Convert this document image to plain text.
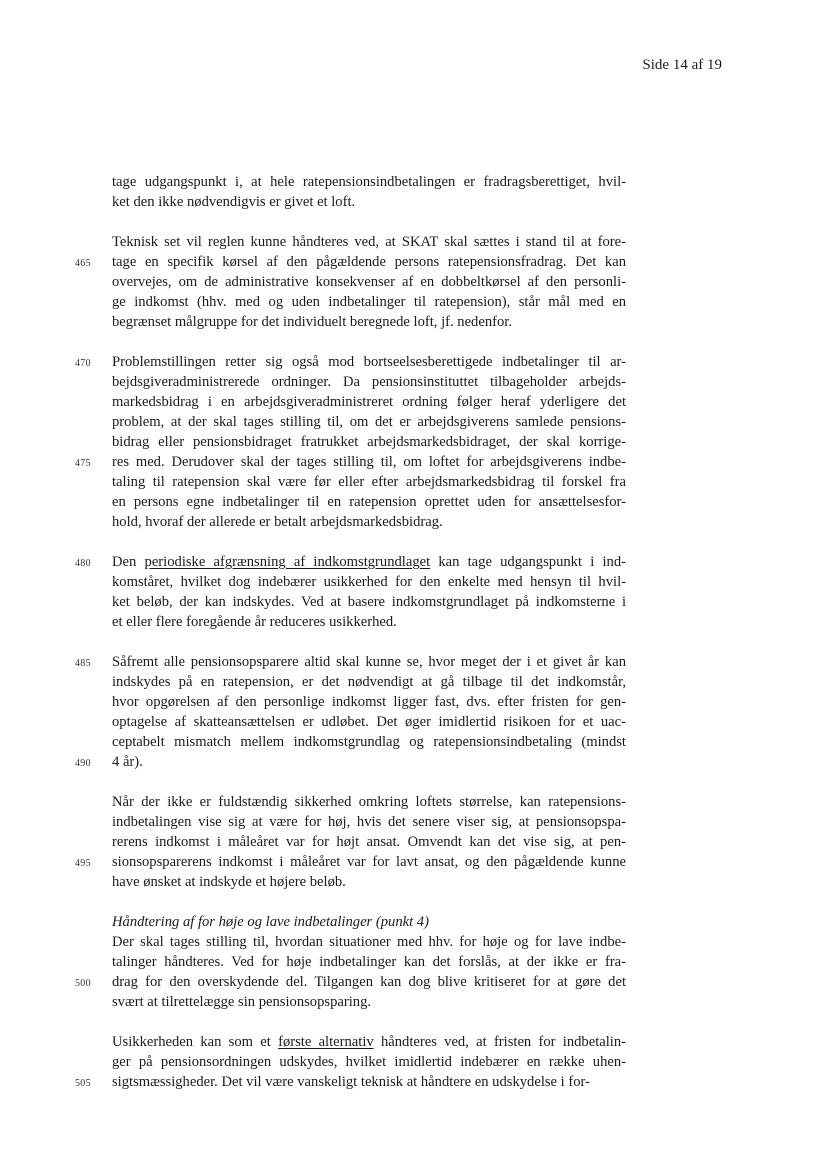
Side 14 af 19
tage udgangspunkt i, at hele ratepensionsindbetalingen er fradragsberettiget, hvil-
ket den ikke nødvendigvis er givet et loft.
Teknisk set vil reglen kunne håndteres ved, at SKAT skal sættes i stand til at fore-
465 tage en specifik kørsel af den pågældende persons ratepensionsfradrag. Det kan
overvejes, om de administrative konsekvenser af en dobbeltkørsel af den personli-
ge indkomst (hhv. med og uden indbetalinger til ratepension), står mål med en
begrænset målgruppe for det individuelt beregnede loft, jf. nedenfor.
470 Problemstillingen retter sig også mod bortseelsesberettigede indbetalinger til ar-
bejdsgiveradministrerede ordninger. Da pensionsinstituttet tilbageholder arbejds-
markedsbidrag i en arbejdsgiveradministreret ordning følger heraf yderligere det
problem, at der skal tages stilling til, om det er arbejdsgiverens samlede pensions-
bidrag eller pensionsbidraget fratrukket arbejdsmarkedsbidraget, der skal korrige-
475 res med. Derudover skal der tages stilling til, om loftet for arbejdsgiverens indbe-
taling til ratepension skal være før eller efter arbejdsmarkedsbidrag til forskel fra
en persons egne indbetalinger til en ratepension oprettet uden for ansættelsesfor-
hold, hvoraf der allerede er betalt arbejdsmarkedsbidrag.
480 Den periodiske afgrænsning af indkomstgrundlaget kan tage udgangspunkt i ind-
komståret, hvilket dog indebærer usikkerhed for den enkelte med hensyn til hvil-
ket beløb, der kan indskydes. Ved at basere indkomstgrundlaget på indkomsterne i
et eller flere foregående år reduceres usikkerhed.
485 Såfremt alle pensionsopsparere altid skal kunne se, hvor meget der i et givet år kan
indskydes på en ratepension, er det nødvendigt at gå tilbage til det indkomstår,
hvor opgørelsen af den personlige indkomst ligger fast, dvs. efter fristen for gen-
optagelse af skatteansættelsen er udløbet. Det øger imidlertid risikoen for et uac-
ceptabelt mismatch mellem indkomstgrundlag og ratepensionsindbetaling (mindst
490 4 år).
Når der ikke er fuldstændig sikkerhed omkring loftets størrelse, kan ratepensions-
indbetalingen vise sig at være for høj, hvis det senere viser sig, at pensionsopspa-
rerens indkomst i måleåret var for højt ansat. Omvendt kan det vise sig, at pen-
495 sionsopsparerens indkomst i måleåret var for lavt ansat, og den pågældende kunne
have ønsket at indskyde et højere beløb.
Håndtering af for høje og lave indbetalinger (punkt 4)
Der skal tages stilling til, hvordan situationer med hhv. for høje og for lave indbe-
talinger håndteres. Ved for høje indbetalinger kan det forslås, at der ikke er fra-
500 drag for den overskydende del. Tilgangen kan dog blive kritiseret for at gøre det
svært at tilrettelægge sin pensionsopsparing.
Usikkerheden kan som et første alternativ håndteres ved, at fristen for indbetalin-
ger på pensionsordningen udskydes, hvilket imidlertid indebærer en række uhen-
505 sigtsmæssigheder. Det vil være vanskeligt teknisk at håndtere en udskydelse i for-
